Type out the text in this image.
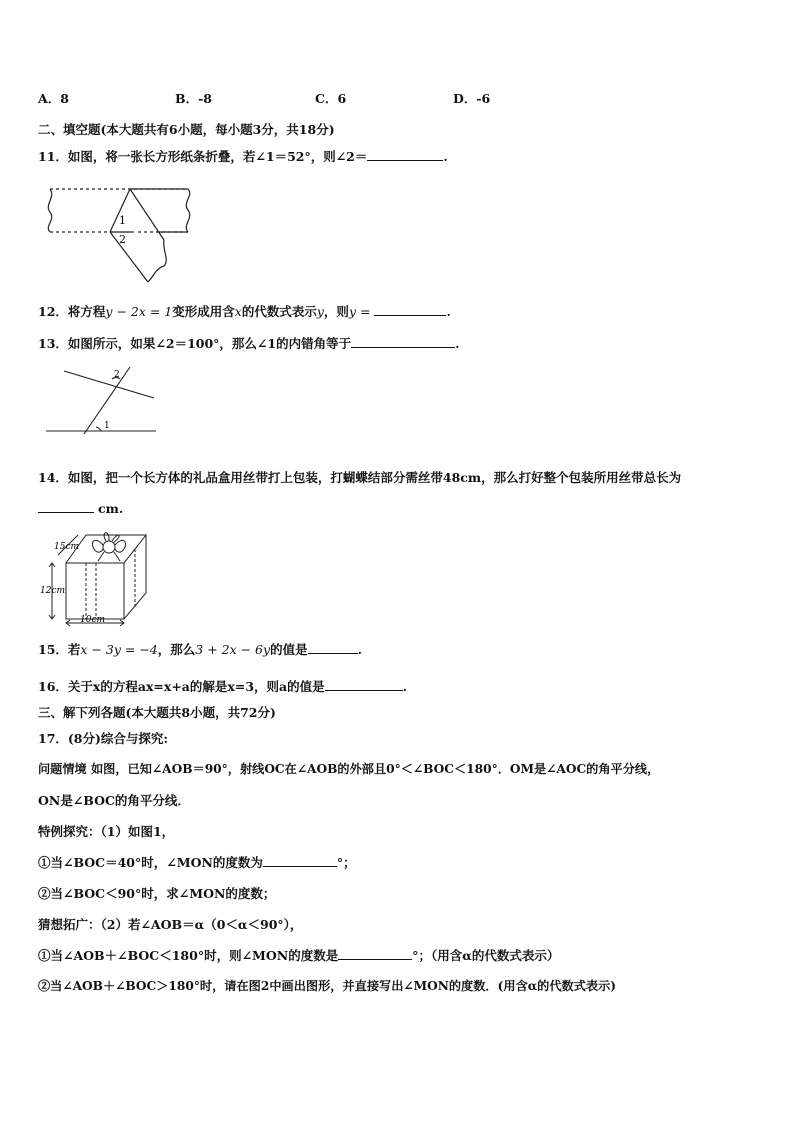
A．8	B．-8	C．6	D．-6
二、填空题(本大题共有6小题，每小题3分，共18分)
11．如图，将一张长方形纸条折叠，若∠1＝52°，则∠2＝	.
1
2
12．将方程y − 2x = 1变形成用含x的代数式表示y，则y =	.
13．如图所示，如果∠2＝100°，那么∠1的内错角等于	.
1
2
14．如图，把一个长方体的礼品盒用丝带打上包装，打蝴蝶结部分需丝带48cm，那么打好整个包装所用丝带总长为
cm.
15cm
12cm
10cm
15．若x − 3y = −4，那么3 + 2x − 6y的值是	.
16．关于x的方程ax=x+a的解是x=3，则a的值是	.
三、解下列各题(本大题共8小题，共72分)
17．(8分)综合与探究:
问题情境 如图，已知∠AOB＝90°，射线OC在∠AOB的外部且0°＜∠BOC＜180°．OM是∠AOC的角平分线，
ON是∠BOC的角平分线．
特例探究：（1）如图1，
①当∠BOC＝40°时，∠MON的度数为	°；
②当∠BOC＜90°时，求∠MON的度数；
猜想拓广：（2）若∠AOB＝α（0＜α＜90°），
①当∠AOB＋∠BOC＜180°时，则∠MON的度数是	°；（用含α的代数式表示）
②当∠AOB＋∠BOC＞180°时，请在图2中画出图形，并直接写出∠MON的度数．(用含α的代数式表示)
